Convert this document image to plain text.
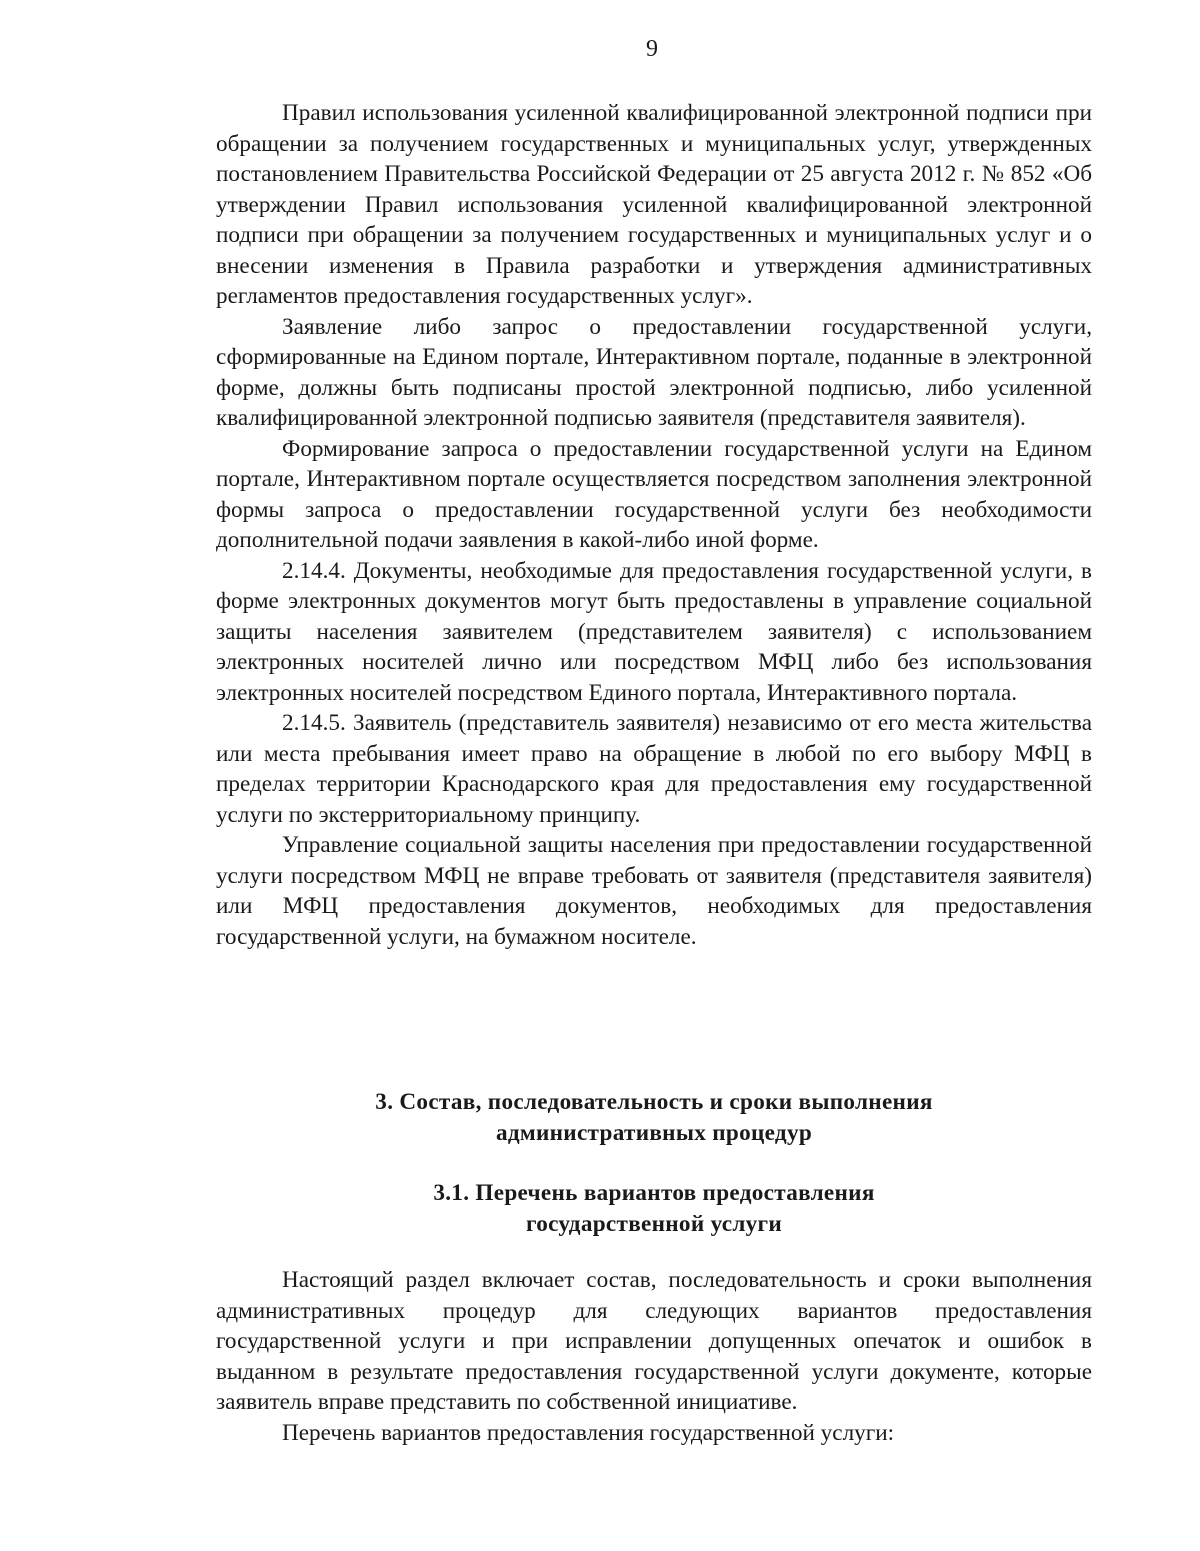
9

Правил использования усиленной квалифицированной электронной подписи при обращении за получением государственных и муниципальных услуг, утвержденных постановлением Правительства Российской Федерации от 25 августа 2012 г. № 852 «Об утверждении Правил использования усиленной квалифицированной электронной подписи при обращении за получением государственных и муниципальных услуг и о внесении изменения в Правила разработки и утверждения административных регламентов предоставления государственных услуг».

Заявление либо запрос о предоставлении государственной услуги, сформированные на Едином портале, Интерактивном портале, поданные в электронной форме, должны быть подписаны простой электронной подписью, либо усиленной квалифицированной электронной подписью заявителя (представителя заявителя).

Формирование запроса о предоставлении государственной услуги на Едином портале, Интерактивном портале осуществляется посредством заполнения электронной формы запроса о предоставлении государственной услуги без необходимости дополнительной подачи заявления в какой-либо иной форме.

2.14.4. Документы, необходимые для предоставления государственной услуги, в форме электронных документов могут быть предоставлены в управление социальной защиты населения заявителем (представителем заявителя) с использованием электронных носителей лично или посредством МФЦ либо без использования электронных носителей посредством Единого портала, Интерактивного портала.

2.14.5. Заявитель (представитель заявителя) независимо от его места жительства или места пребывания имеет право на обращение в любой по его выбору МФЦ в пределах территории Краснодарского края для предоставления ему государственной услуги по экстерриториальному принципу.

Управление социальной защиты населения при предоставлении государственной услуги посредством МФЦ не вправе требовать от заявителя (представителя заявителя) или МФЦ предоставления документов, необходимых для предоставления государственной услуги, на бумажном носителе.

3. Состав, последовательность и сроки выполнения
административных процедур
3.1. Перечень вариантов предоставления
государственной услуги

Настоящий раздел включает состав, последовательность и сроки выполнения административных процедур для следующих вариантов предоставления государственной услуги и при исправлении допущенных опечаток и ошибок в выданном в результате предоставления государственной услуги документе, которые заявитель вправе представить по собственной инициативе.

Перечень вариантов предоставления государственной услуги:
